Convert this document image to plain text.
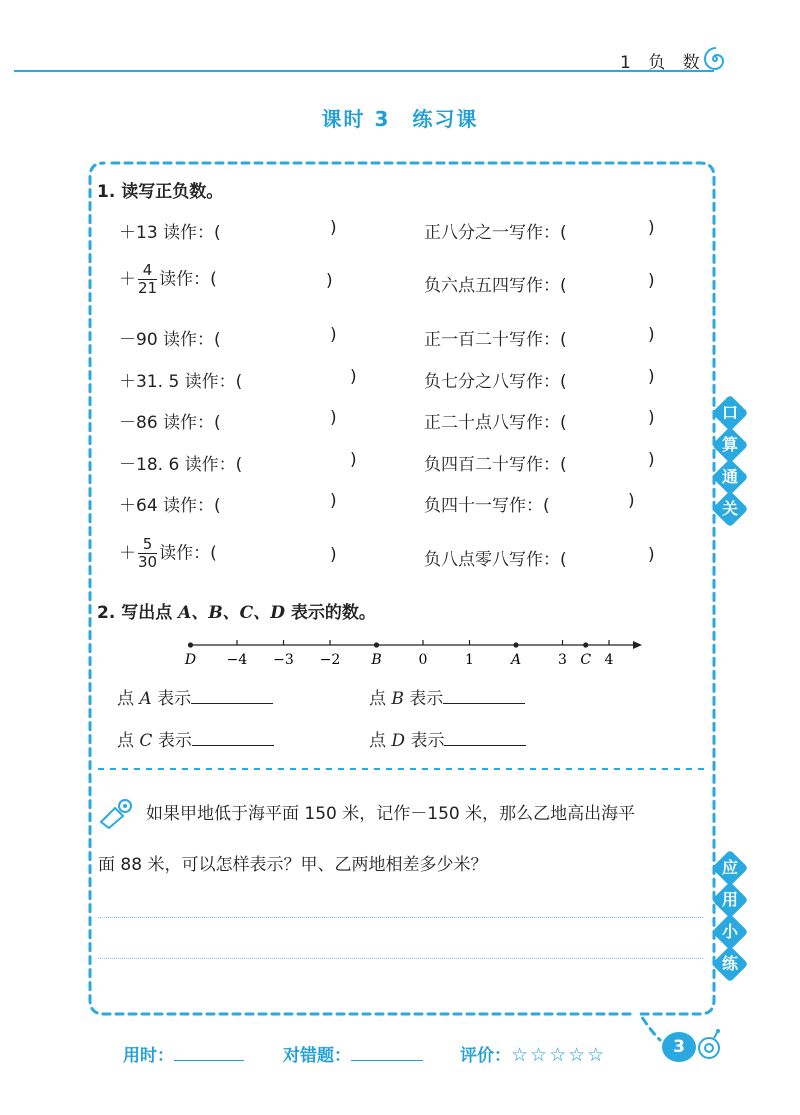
1 负 数
课时 3　练习课
口
算
通
关
应
用
小
练
1. 读写正负数。
＋13 读作：(	)	正八分之一写作：(	)
＋ $\frac{4}{21}$ 读作：(	)	负六点五四写作：(	)
－90 读作：(	)	正一百二十写作：(	)
＋31. 5 读作：(	)	负七分之八写作：(	)
－86 读作：(	)	正二十点八写作：(	)
－18. 6 读作：(	)	负四百二十写作：(	)
＋64 读作：(	)	负四十一写作：(	)
＋ $\frac{5}{30}$ 读作：(	)	负八点零八写作：(	)
2. 写出点 A、B、C、D 表示的数。
−4 −3 −2	0	1	3	4
D	B	A	C
点 A 表示	点 B 表示
点 C 表示	点 D 表示
如果甲地低于海平面 150 米，记作－150 米，那么乙地高出海平
面 88 米，可以怎样表示？甲、乙两地相差多少米？
用时：	对错题：	评价：☆☆☆☆☆	3
